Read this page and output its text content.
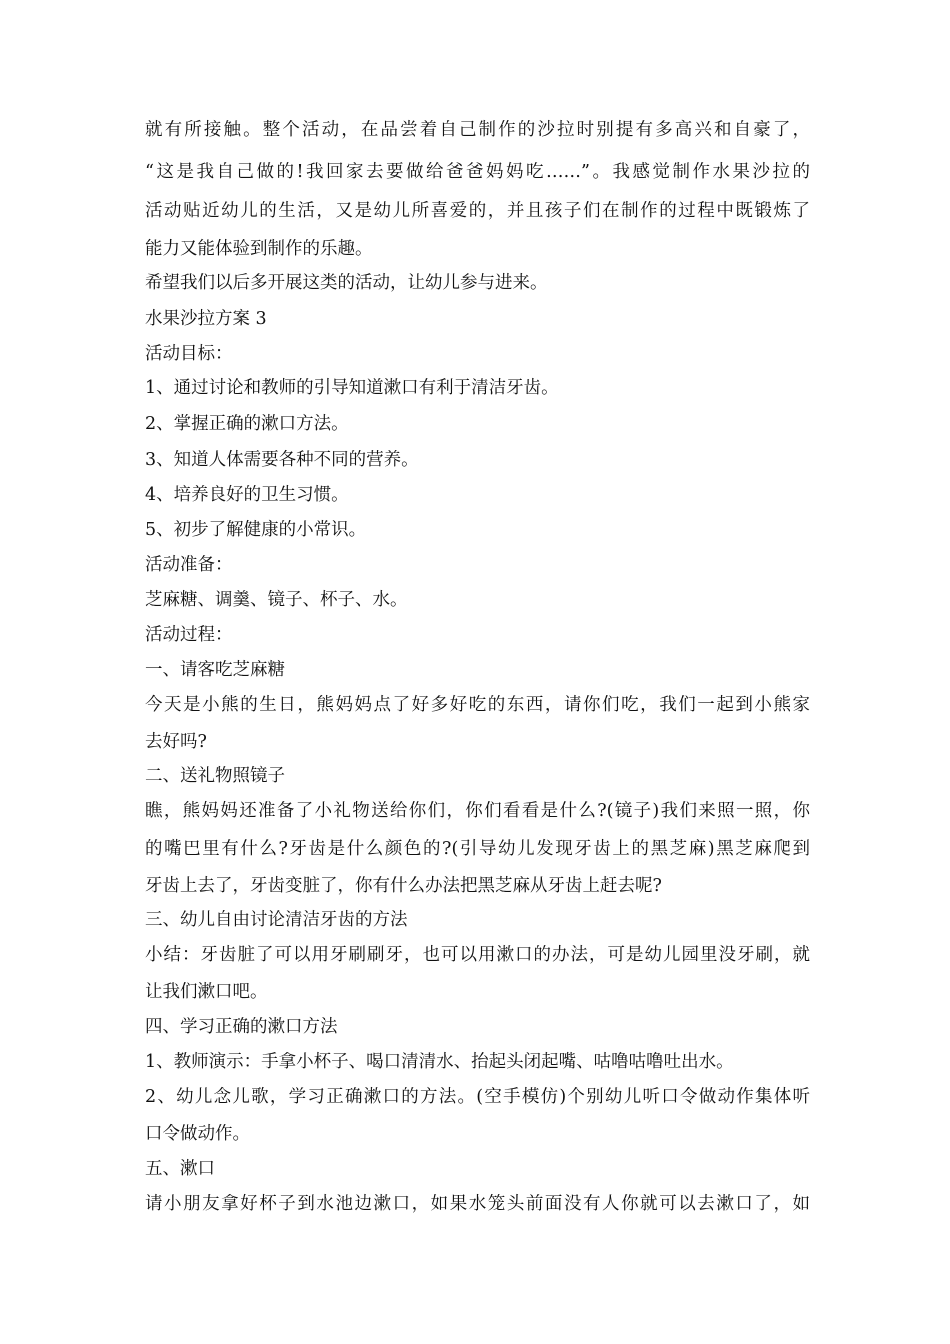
就有所接触。整个活动，在品尝着自己制作的沙拉时别提有多高兴和自豪了，
“这是我自己做的!我回家去要做给爸爸妈妈吃……”。我感觉制作水果沙拉的
活动贴近幼儿的生活，又是幼儿所喜爱的，并且孩子们在制作的过程中既锻炼了
能力又能体验到制作的乐趣。
希望我们以后多开展这类的活动，让幼儿参与进来。
水果沙拉方案 3
活动目标：
1、通过讨论和教师的引导知道漱口有利于清洁牙齿。
2、掌握正确的漱口方法。
3、知道人体需要各种不同的营养。
4、培养良好的卫生习惯。
5、初步了解健康的小常识。
活动准备：
芝麻糖、调羹、镜子、杯子、水。
活动过程：
一、请客吃芝麻糖
今天是小熊的生日，熊妈妈点了好多好吃的东西，请你们吃，我们一起到小熊家
去好吗?
二、送礼物照镜子
瞧，熊妈妈还准备了小礼物送给你们，你们看看是什么?(镜子)我们来照一照，你
的嘴巴里有什么?牙齿是什么颜色的?(引导幼儿发现牙齿上的黑芝麻)黑芝麻爬到
牙齿上去了，牙齿变脏了，你有什么办法把黑芝麻从牙齿上赶去呢?
三、幼儿自由讨论清洁牙齿的方法
小结：牙齿脏了可以用牙刷刷牙，也可以用漱口的办法，可是幼儿园里没牙刷，就
让我们漱口吧。
四、学习正确的漱口方法
1、教师演示：手拿小杯子、喝口清清水、抬起头闭起嘴、咕噜咕噜吐出水。
2、幼儿念儿歌，学习正确漱口的方法。(空手模仿)个别幼儿听口令做动作集体听
口令做动作。
五、漱口
请小朋友拿好杯子到水池边漱口，如果水笼头前面没有人你就可以去漱口了，如
